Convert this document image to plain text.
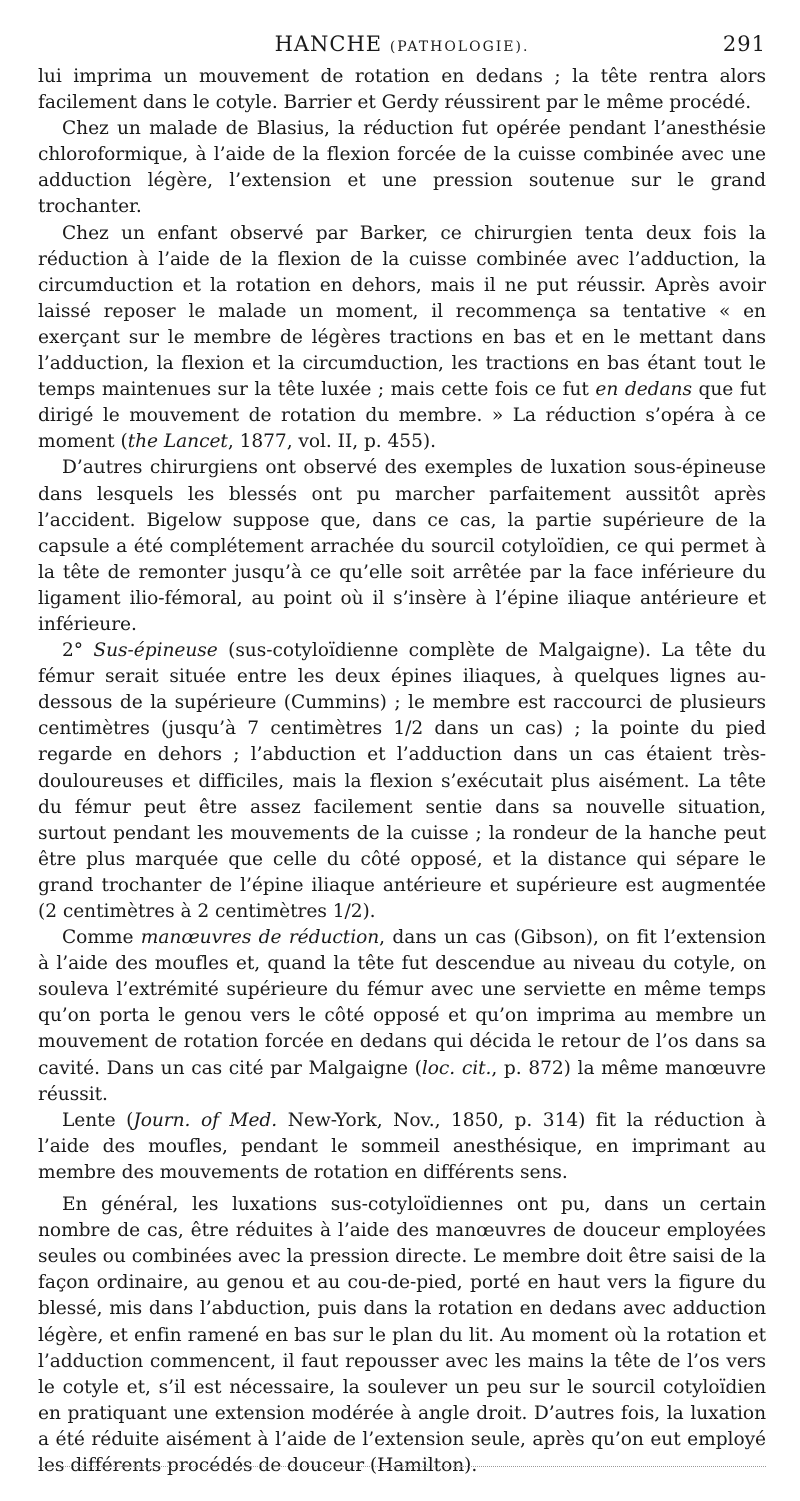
HANCHE (PATHOLOGIE).	291

lui imprima un mouvement de rotation en dedans ; la tête rentra alors facilement dans le cotyle. Barrier et Gerdy réussirent par le même procédé.

Chez un malade de Blasius, la réduction fut opérée pendant l’anesthésie chloroformique, à l’aide de la flexion forcée de la cuisse combinée avec une adduction légère, l’extension et une pression soutenue sur le grand trochanter.

Chez un enfant observé par Barker, ce chirurgien tenta deux fois la réduction à l’aide de la flexion de la cuisse combinée avec l’adduction, la circumduction et la rotation en dehors, mais il ne put réussir. Après avoir laissé reposer le malade un moment, il recommença sa tentative « en exerçant sur le membre de légères tractions en bas et en le mettant dans l’adduction, la flexion et la circumduction, les tractions en bas étant tout le temps maintenues sur la tête luxée ; mais cette fois ce fut en dedans que fut dirigé le mouvement de rotation du membre. » La réduction s’opéra à ce moment (the Lancet, 1877, vol. II, p. 455).

D’autres chirurgiens ont observé des exemples de luxation sous-épineuse dans lesquels les blessés ont pu marcher parfaitement aussitôt après l’accident. Bigelow suppose que, dans ce cas, la partie supérieure de la capsule a été complétement arrachée du sourcil cotyloïdien, ce qui permet à la tête de remonter jusqu’à ce qu’elle soit arrêtée par la face inférieure du ligament ilio-fémoral, au point où il s’insère à l’épine iliaque antérieure et inférieure.

2° Sus-épineuse (sus-cotyloïdienne complète de Malgaigne). La tête du fémur serait située entre les deux épines iliaques, à quelques lignes au-dessous de la supérieure (Cummins) ; le membre est raccourci de plusieurs centimètres (jusqu’à 7 centimètres 1/2 dans un cas) ; la pointe du pied regarde en dehors ; l’abduction et l’adduction dans un cas étaient très-douloureuses et difficiles, mais la flexion s’exécutait plus aisément. La tête du fémur peut être assez facilement sentie dans sa nouvelle situation, surtout pendant les mouvements de la cuisse ; la rondeur de la hanche peut être plus marquée que celle du côté opposé, et la distance qui sépare le grand trochanter de l’épine iliaque antérieure et supérieure est augmentée (2 centimètres à 2 centimètres 1/2).

Comme manœuvres de réduction, dans un cas (Gibson), on fit l’extension à l’aide des moufles et, quand la tête fut descendue au niveau du cotyle, on souleva l’extrémité supérieure du fémur avec une serviette en même temps qu’on porta le genou vers le côté opposé et qu’on imprima au membre un mouvement de rotation forcée en dedans qui décida le retour de l’os dans sa cavité. Dans un cas cité par Malgaigne (loc. cit., p. 872) la même manœuvre réussit.

Lente (Journ. of Med. New-York, Nov., 1850, p. 314) fit la réduction à l’aide des moufles, pendant le sommeil anesthésique, en imprimant au membre des mouvements de rotation en différents sens.

En général, les luxations sus-cotyloïdiennes ont pu, dans un certain nombre de cas, être réduites à l’aide des manœuvres de douceur employées seules ou combinées avec la pression directe. Le membre doit être saisi de la façon ordinaire, au genou et au cou-de-pied, porté en haut vers la figure du blessé, mis dans l’abduction, puis dans la rotation en dedans avec adduction légère, et enfin ramené en bas sur le plan du lit. Au moment où la rotation et l’adduction commencent, il faut repousser avec les mains la tête de l’os vers le cotyle et, s’il est nécessaire, la soulever un peu sur le sourcil cotyloïdien en pratiquant une extension modérée à angle droit. D’autres fois, la luxation a été réduite aisément à l’aide de l’extension seule, après qu’on eut employé les différents procédés de douceur (Hamilton).
